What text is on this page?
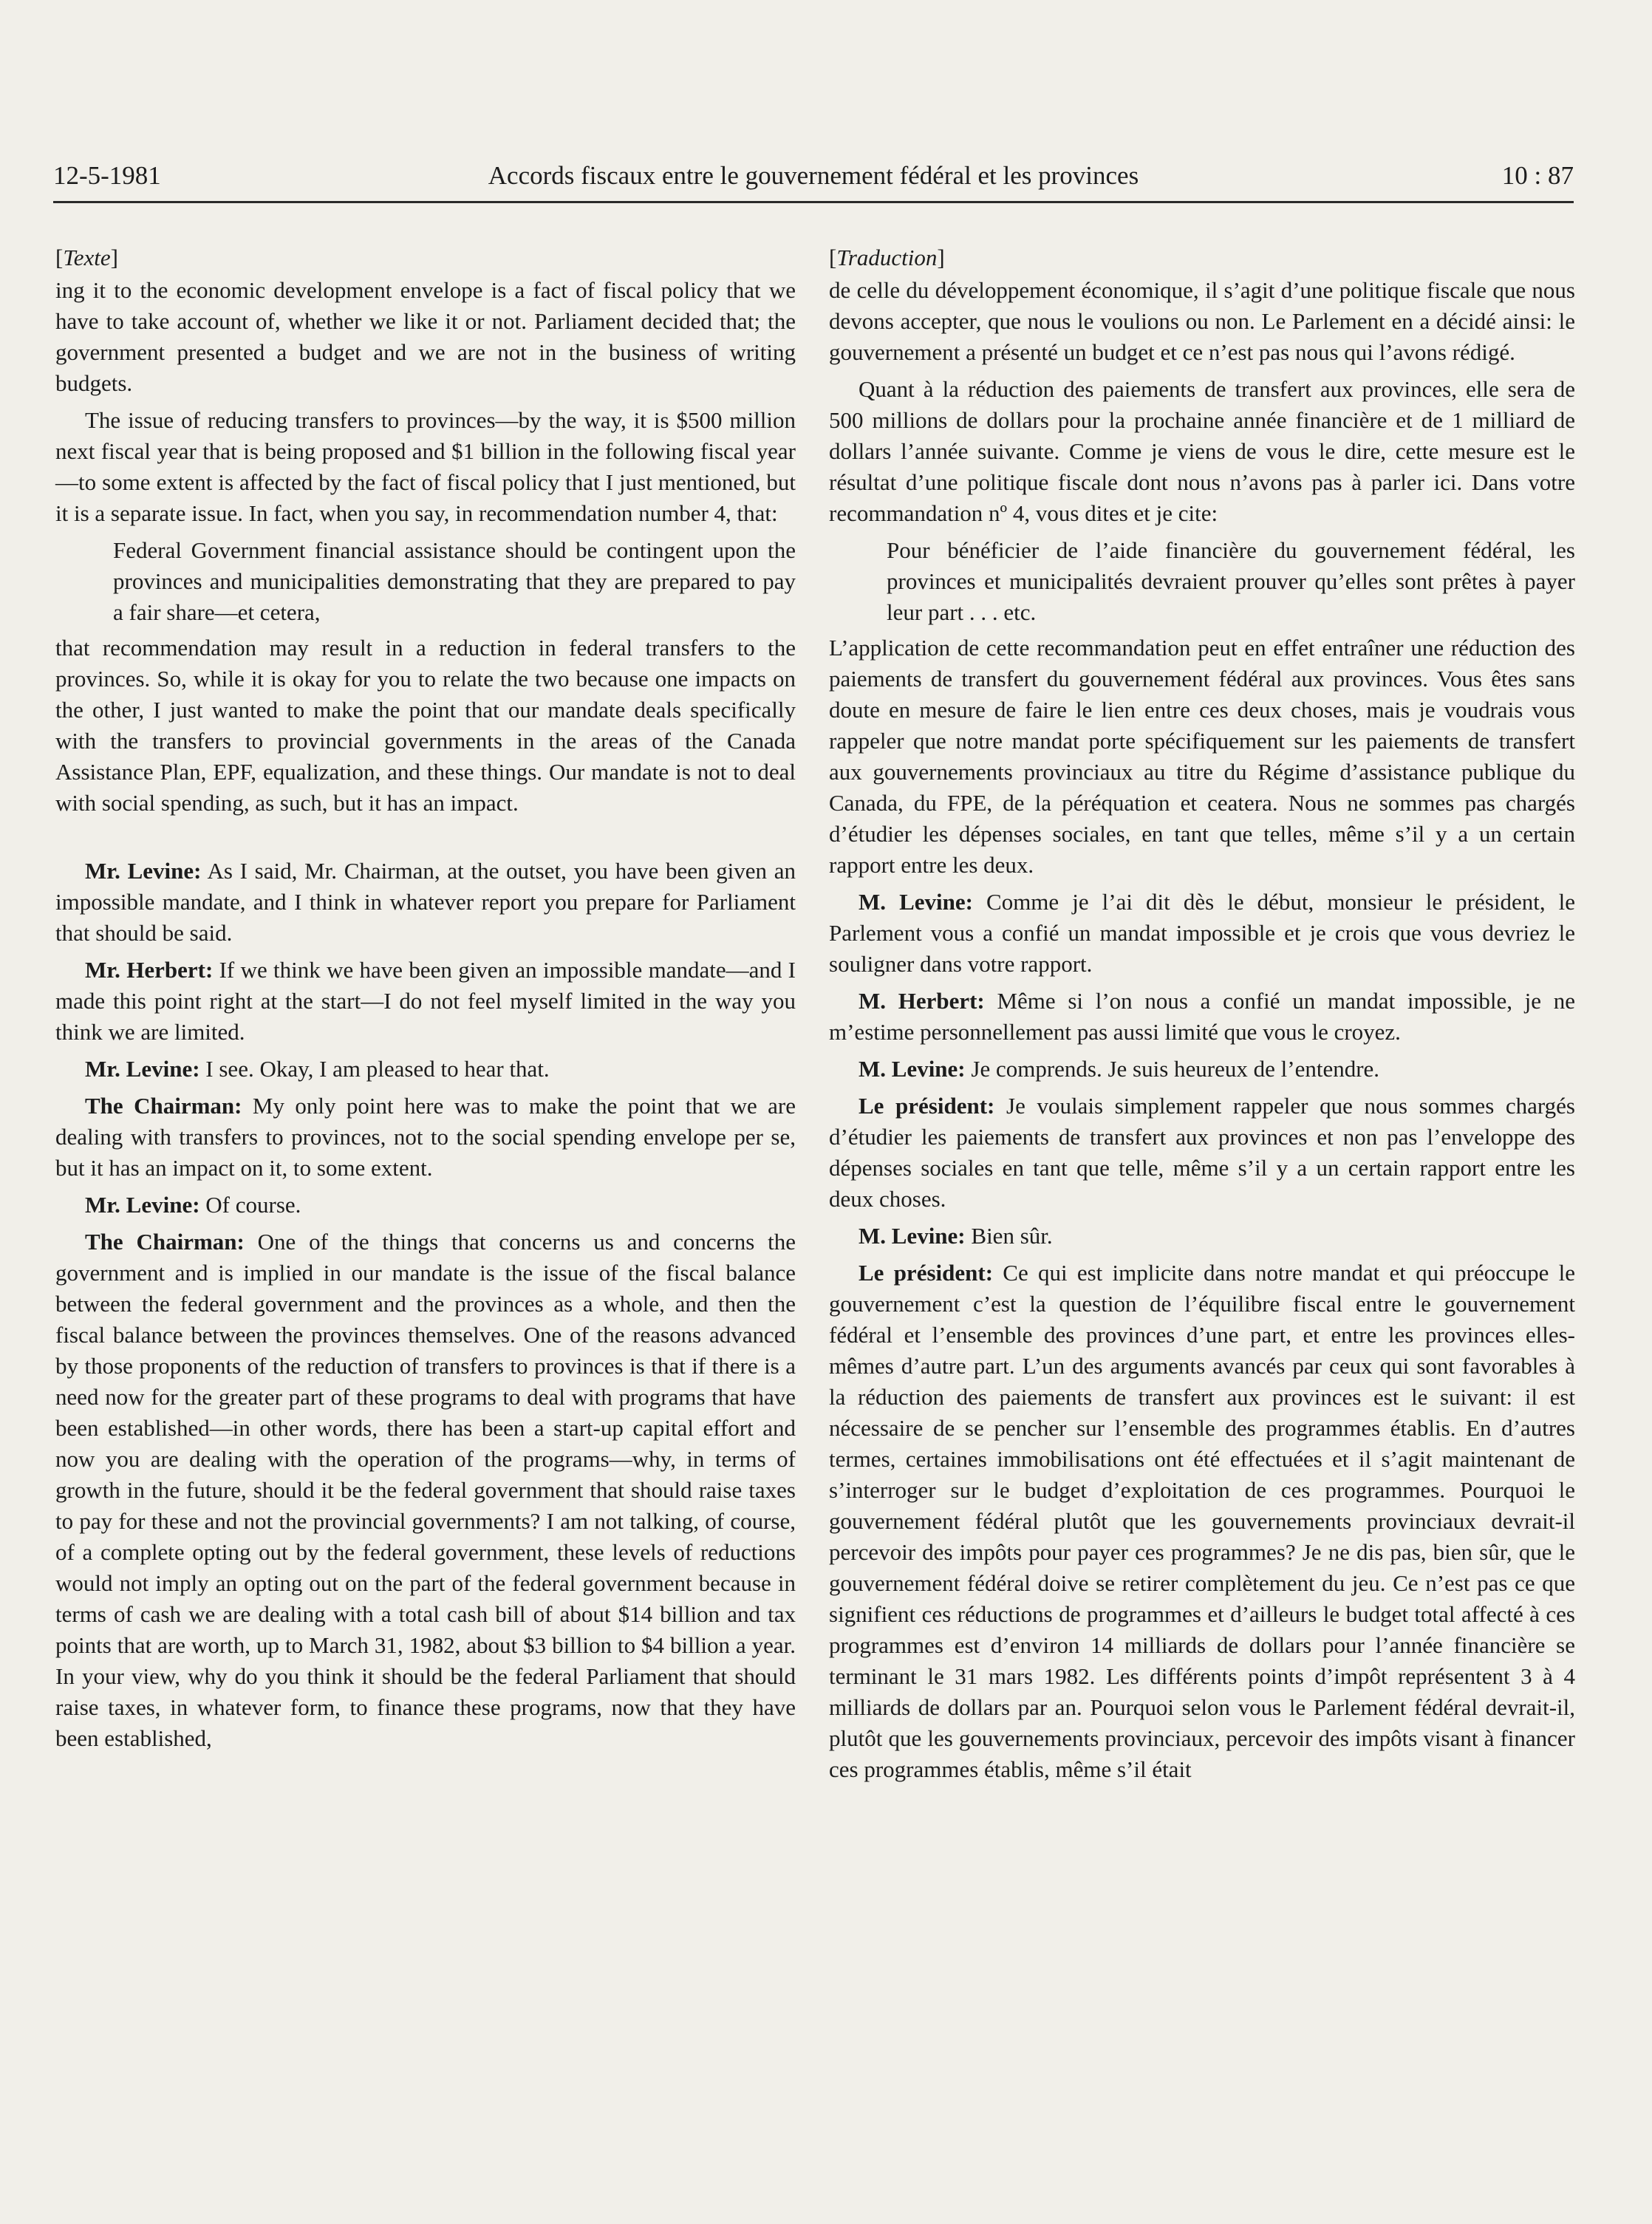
12-5-1981	Accords fiscaux entre le gouvernement fédéral et les provinces	10 : 87

[Texte]

ing it to the economic development envelope is a fact of fiscal policy that we have to take account of, whether we like it or not. Parliament decided that; the government presented a budget and we are not in the business of writing budgets.

The issue of reducing transfers to provinces—by the way, it is $500 million next fiscal year that is being proposed and $1 billion in the following fiscal year—to some extent is affected by the fact of fiscal policy that I just mentioned, but it is a separate issue. In fact, when you say, in recommendation number 4, that:

Federal Government financial assistance should be contingent upon the provinces and municipalities demonstrating that they are prepared to pay a fair share—et cetera,

that recommendation may result in a reduction in federal transfers to the provinces. So, while it is okay for you to relate the two because one impacts on the other, I just wanted to make the point that our mandate deals specifically with the transfers to provincial governments in the areas of the Canada Assistance Plan, EPF, equalization, and these things. Our mandate is not to deal with social spending, as such, but it has an impact.

Mr. Levine: As I said, Mr. Chairman, at the outset, you have been given an impossible mandate, and I think in whatever report you prepare for Parliament that should be said.

Mr. Herbert: If we think we have been given an impossible mandate—and I made this point right at the start—I do not feel myself limited in the way you think we are limited.

Mr. Levine: I see. Okay, I am pleased to hear that.

The Chairman: My only point here was to make the point that we are dealing with transfers to provinces, not to the social spending envelope per se, but it has an impact on it, to some extent.

Mr. Levine: Of course.

The Chairman: One of the things that concerns us and concerns the government and is implied in our mandate is the issue of the fiscal balance between the federal government and the provinces as a whole, and then the fiscal balance between the provinces themselves. One of the reasons advanced by those proponents of the reduction of transfers to provinces is that if there is a need now for the greater part of these programs to deal with programs that have been established—in other words, there has been a start-up capital effort and now you are dealing with the operation of the programs—why, in terms of growth in the future, should it be the federal government that should raise taxes to pay for these and not the provincial governments? I am not talking, of course, of a complete opting out by the federal government, these levels of reductions would not imply an opting out on the part of the federal government because in terms of cash we are dealing with a total cash bill of about $14 billion and tax points that are worth, up to March 31, 1982, about $3 billion to $4 billion a year. In your view, why do you think it should be the federal Parliament that should raise taxes, in whatever form, to finance these programs, now that they have been established,

[Traduction]

de celle du développement économique, il s’agit d’une politique fiscale que nous devons accepter, que nous le voulions ou non. Le Parlement en a décidé ainsi: le gouvernement a présenté un budget et ce n’est pas nous qui l’avons rédigé.

Quant à la réduction des paiements de transfert aux provinces, elle sera de 500 millions de dollars pour la prochaine année financière et de 1 milliard de dollars l’année suivante. Comme je viens de vous le dire, cette mesure est le résultat d’une politique fiscale dont nous n’avons pas à parler ici. Dans votre recommandation nº 4, vous dites et je cite:

Pour bénéficier de l’aide financière du gouvernement fédéral, les provinces et municipalités devraient prouver qu’elles sont prêtes à payer leur part . . . etc.

L’application de cette recommandation peut en effet entraîner une réduction des paiements de transfert du gouvernement fédéral aux provinces. Vous êtes sans doute en mesure de faire le lien entre ces deux choses, mais je voudrais vous rappeler que notre mandat porte spécifiquement sur les paiements de transfert aux gouvernements provinciaux au titre du Régime d’assistance publique du Canada, du FPE, de la péréquation et ceatera. Nous ne sommes pas chargés d’étudier les dépenses sociales, en tant que telles, même s’il y a un certain rapport entre les deux.

M. Levine: Comme je l’ai dit dès le début, monsieur le président, le Parlement vous a confié un mandat impossible et je crois que vous devriez le souligner dans votre rapport.

M. Herbert: Même si l’on nous a confié un mandat impossible, je ne m’estime personnellement pas aussi limité que vous le croyez.

M. Levine: Je comprends. Je suis heureux de l’entendre.

Le président: Je voulais simplement rappeler que nous sommes chargés d’étudier les paiements de transfert aux provinces et non pas l’enveloppe des dépenses sociales en tant que telle, même s’il y a un certain rapport entre les deux choses.

M. Levine: Bien sûr.

Le président: Ce qui est implicite dans notre mandat et qui préoccupe le gouvernement c’est la question de l’équilibre fiscal entre le gouvernement fédéral et l’ensemble des provinces d’une part, et entre les provinces elles-mêmes d’autre part. L’un des arguments avancés par ceux qui sont favorables à la réduction des paiements de transfert aux provinces est le suivant: il est nécessaire de se pencher sur l’ensemble des programmes établis. En d’autres termes, certaines immobilisations ont été effectuées et il s’agit maintenant de s’interroger sur le budget d’exploitation de ces programmes. Pourquoi le gouvernement fédéral plutôt que les gouvernements provinciaux devrait-il percevoir des impôts pour payer ces programmes? Je ne dis pas, bien sûr, que le gouvernement fédéral doive se retirer complètement du jeu. Ce n’est pas ce que signifient ces réductions de programmes et d’ailleurs le budget total affecté à ces programmes est d’environ 14 milliards de dollars pour l’année financière se terminant le 31 mars 1982. Les différents points d’impôt représentent 3 à 4 milliards de dollars par an. Pourquoi selon vous le Parlement fédéral devrait-il, plutôt que les gouvernements provinciaux, percevoir des impôts visant à financer ces programmes établis, même s’il était
